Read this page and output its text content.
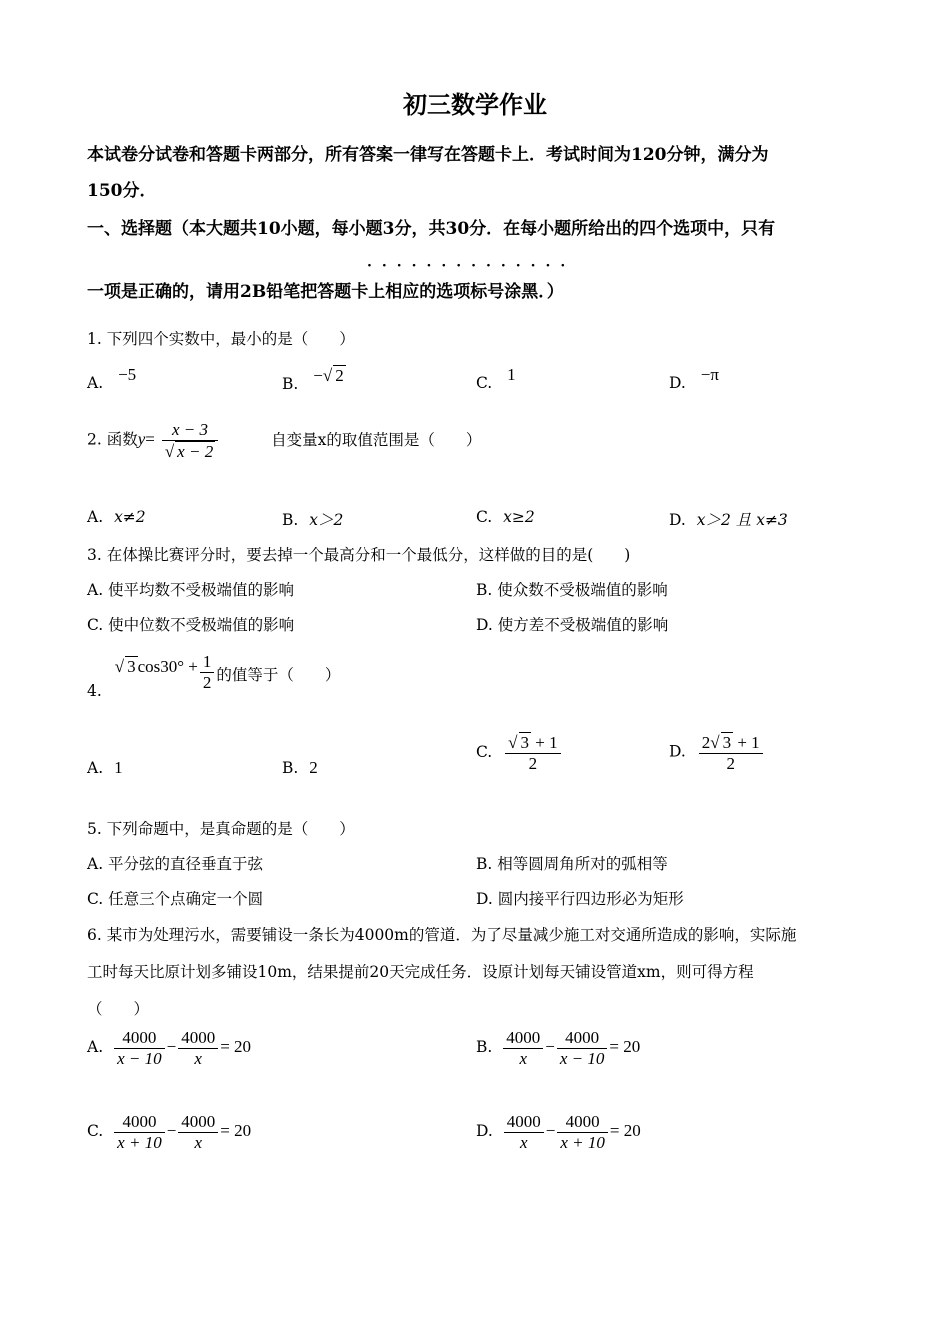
初三数学作业
本试卷分试卷和答题卡两部分，所有答案一律写在答题卡上．考试时间为120分钟，满分为
150分．
一、选择题（本大题共10小题，每小题3分，共30分．在每小题所给出的四个选项中，只有
··············
一项是正确的，请用2B铅笔把答题卡上相应的选项标号涂黑．）
1. 下列四个实数中，最小的是（　　）
A. −5	B. −√ 2	C. 1	D. −π
2. 函数$y= \frac{x - 3}{√ x - 2}$	自变量x的取值范围是（　　）
A. x≠2	B. x＞2	C. x≥2	D. x＞2 且 x≠3
3. 在体操比赛评分时，要去掉一个最高分和一个最低分，这样做的目的是(　　)
A. 使平均数不受极端值的影响	B. 使众数不受极端值的影响
C. 使中位数不受极端值的影响	D. 使方差不受极端值的影响
4. √ 3 $\cos 30^\circ + \frac{1}{2}$ 的值等于（　　）
A. 1	B. 2
C. $\frac{√ 3 + 1}{2}$	D. $\frac{2√ 3 + 1}{2}$
5. 下列命题中，是真命题的是（　　）
A. 平分弦的直径垂直于弦	B. 相等圆周角所对的弧相等
C. 任意三个点确定一个圆	D. 圆内接平行四边形必为矩形
6. 某市为处理污水，需要铺设一条长为4000m的管道．为了尽量减少施工对交通所造成的影响，实际施
工时每天比原计划多铺设10m，结果提前20天完成任务．设原计划每天铺设管道xm，则可得方程
（　　）
A. $\frac{4000}{x - 10} - \frac{4000}{x} = 20$	B. $\frac{4000}{x} - \frac{4000}{x - 10} = 20$
C. $\frac{4000}{x + 10} - \frac{4000}{x} = 20$	D. $\frac{4000}{x} - \frac{4000}{x + 10} = 20$
